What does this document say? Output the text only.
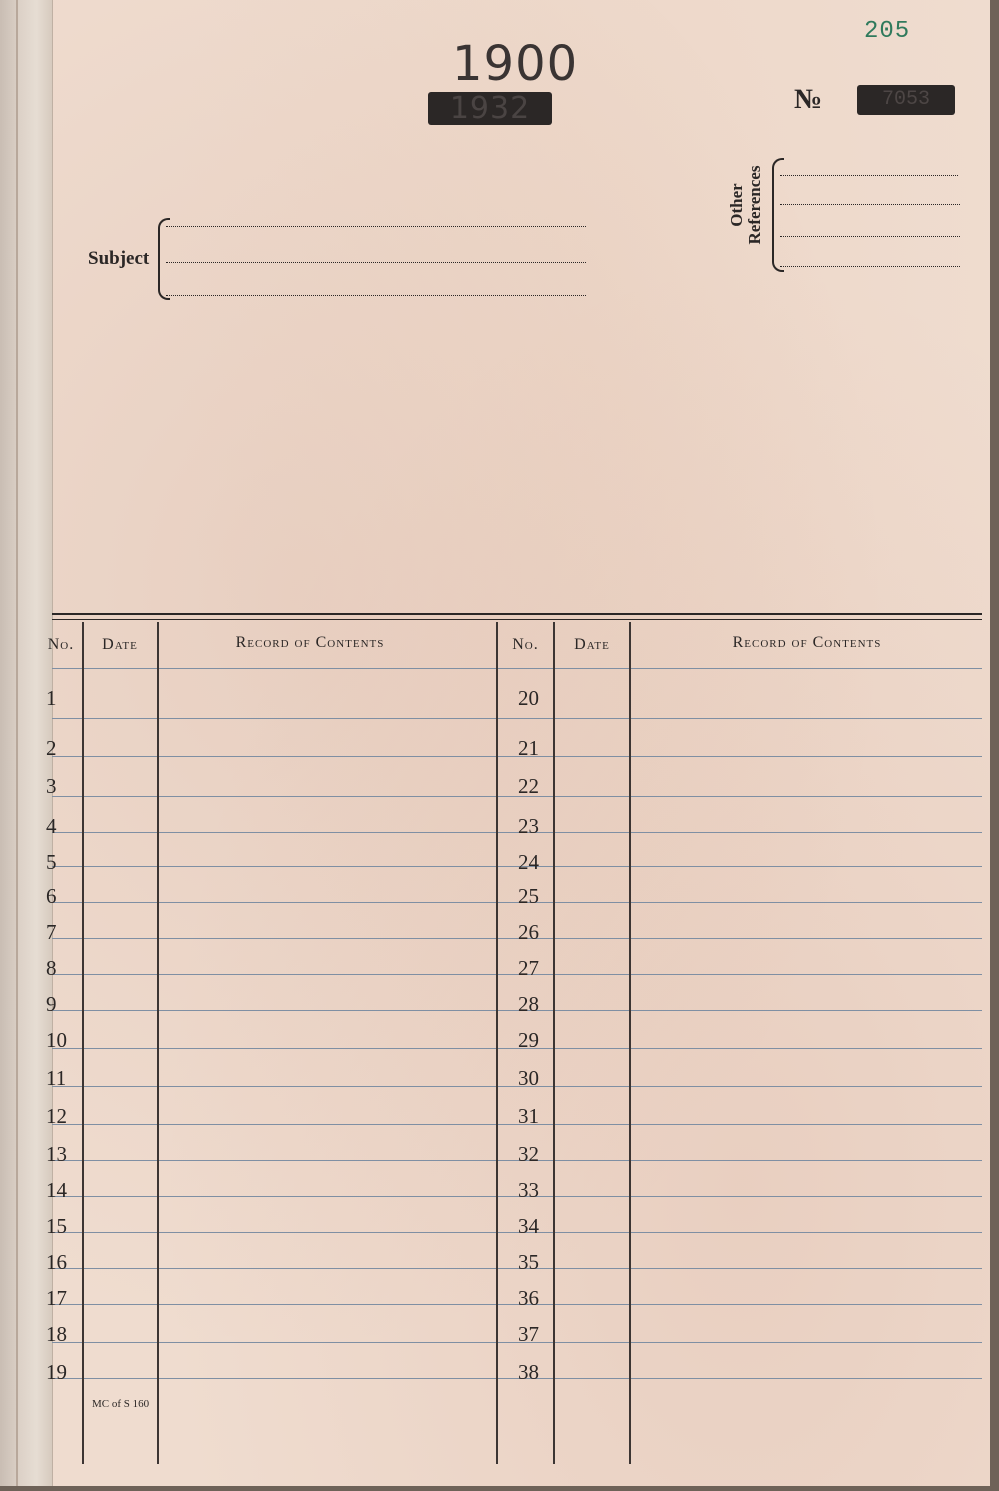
205
1900
1932	№	7053
Subject
Other References
No.	Date	Record of Contents	No.	Date	Record of Contents
1	20
2	21
3	22
4	23
5	24
6	25
7	26
8	27
9	28
10	29
11	30
12	31
13	32
14	33
15	34
16	35
17	36
18	37
19	38
MC of S 160
